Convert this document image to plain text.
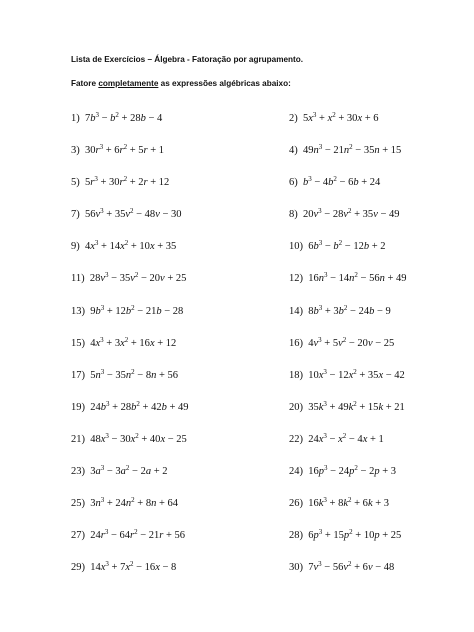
Lista de Exercícios – Álgebra - Fatoração por agrupamento.

Fatore completamente as expressões algébricas abaixo:

1)  $7b^3 - b^2 + 28b - 4$	2)  $5x^3 + x^2 + 30x + 6$
3)  $30r^3 + 6r^2 + 5r + 1$	4)  $49n^3 - 21n^2 - 35n + 15$
5)  $5r^3 + 30r^2 + 2r + 12$	6)  $b^3 - 4b^2 - 6b + 24$
7)  $56v^3 + 35v^2 - 48v - 30$	8)  $20v^3 - 28v^2 + 35v - 49$
9)  $4x^3 + 14x^2 + 10x + 35$	10)  $6b^3 - b^2 - 12b + 2$
11)  $28v^3 - 35v^2 - 20v + 25$	12)  $16n^3 - 14n^2 - 56n + 49$
13)  $9b^3 + 12b^2 - 21b - 28$	14)  $8b^3 + 3b^2 - 24b - 9$
15)  $4x^3 + 3x^2 + 16x + 12$	16)  $4v^3 + 5v^2 - 20v - 25$
17)  $5n^3 - 35n^2 - 8n + 56$	18)  $10x^3 - 12x^2 + 35x - 42$
19)  $24b^3 + 28b^2 + 42b + 49$	20)  $35k^3 + 49k^2 + 15k + 21$
21)  $48x^3 - 30x^2 + 40x - 25$	22)  $24x^3 - x^2 - 4x + 1$
23)  $3a^3 - 3a^2 - 2a + 2$	24)  $16p^3 - 24p^2 - 2p + 3$
25)  $3n^3 + 24n^2 + 8n + 64$	26)  $16k^3 + 8k^2 + 6k + 3$
27)  $24r^3 - 64r^2 - 21r + 56$	28)  $6p^3 + 15p^2 + 10p + 25$
29)  $14x^3 + 7x^2 - 16x - 8$	30)  $7v^3 - 56v^2 + 6v - 48$
